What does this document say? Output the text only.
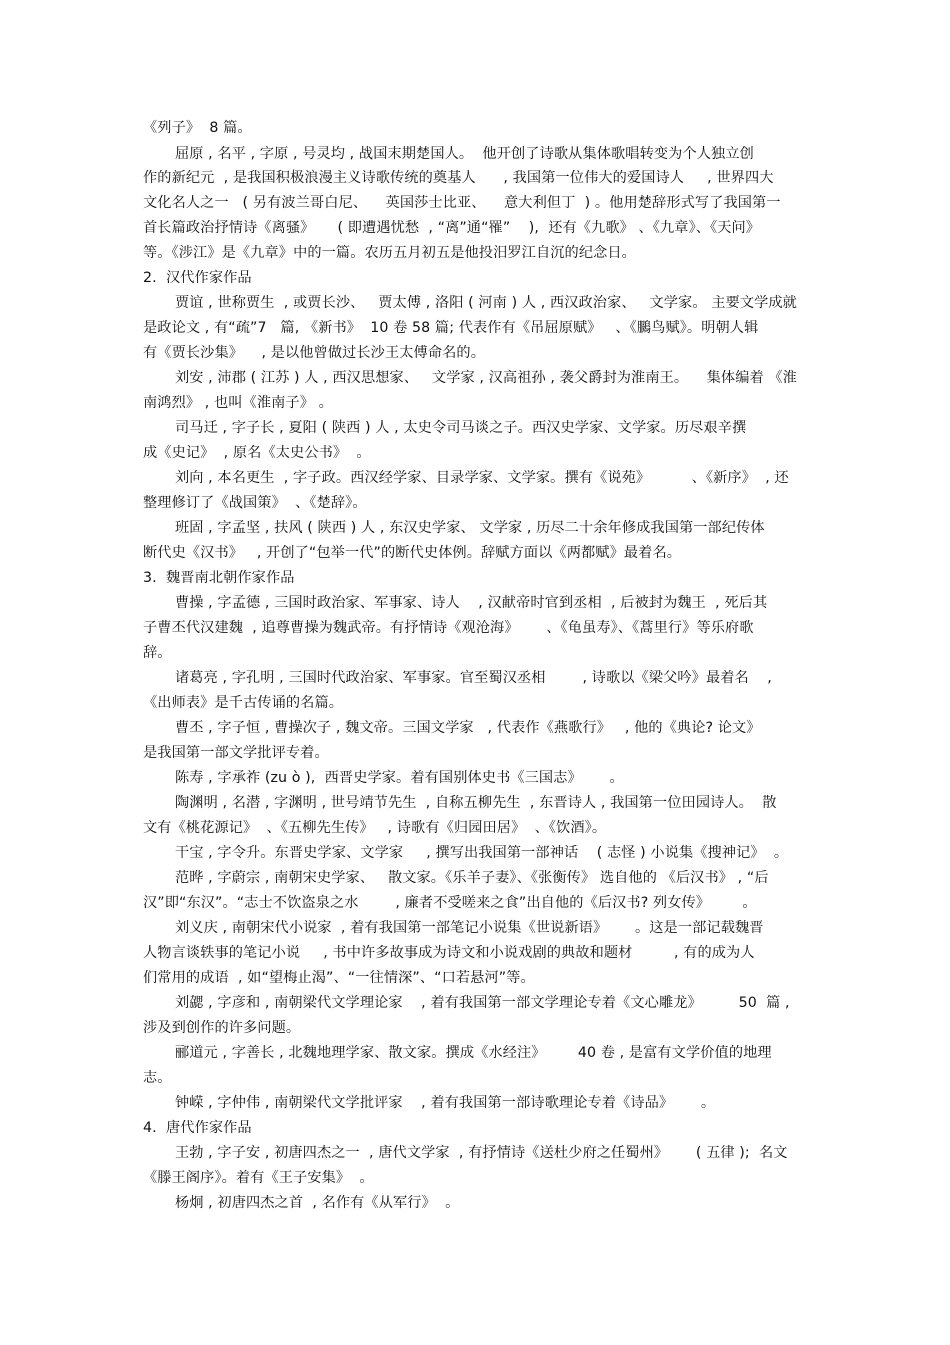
《列子》  8 篇。
屈原 , 名平 , 字原 , 号灵均 , 战国末期楚国人。  他开创了诗歌从集体歌唱转变为个人独立创
作的新纪元  , 是我国积极浪漫主义诗歌传统的奠基人      , 我国第一位伟大的爱国诗人     , 世界四大
文化名人之一   ( 另有波兰哥白尼、    英国莎士比亚、    意大利但丁  ) 。他用楚辞形式写了我国第一
首长篇政治抒情诗《离骚》     ( 即遭遇忧愁  , “离”通“罹”    ),  还有《九歌》 、《九章》、《天问》
等。《涉江》是《九章》中的一篇。农历五月初五是他投汨罗江自沉的纪念日。
2.  汉代作家作品
贾谊 , 世称贾生  , 或贾长沙、   贾太傅 , 洛阳 ( 河南 ) 人 , 西汉政治家、   文学家。 主要文学成就
是政论文 , 有“疏”7   篇, 《新书》  10 卷 58 篇; 代表作有《吊屈原赋》   、《鵩鸟赋》。明朝人辑
有《贾长沙集》    , 是以他曾做过长沙王太傅命名的。
刘安 , 沛郡 ( 江苏 ) 人 , 西汉思想家、   文学家 , 汉高祖孙 , 袭父爵封为淮南王。    集体编着 《淮
南鸿烈》 , 也叫《淮南子》 。
司马迁 , 字子长 , 夏阳 ( 陕西 ) 人 , 太史令司马谈之子。西汉史学家、文学家。历尽艰辛撰
成《史记》  , 原名《太史公书》  。
刘向 , 本名更生  , 字子政。西汉经学家、目录学家、文学家。撰有《说苑》         、《新序》  , 还
整理修订了《战国策》  、《楚辞》。
班固 , 字孟坚 , 扶风 ( 陕西 ) 人 , 东汉史学家、 文学家 , 历尽二十余年修成我国第一部纪传体
断代史《汉书》   , 开创了“包举一代”的断代史体例。辞赋方面以《两都赋》最着名。
3.  魏晋南北朝作家作品
曹操 , 字孟德 , 三国时政治家、军事家、诗人    , 汉献帝时官到丞相  , 后被封为魏王  , 死后其
子曹丕代汉建魏  , 追尊曹操为魏武帝。有抒情诗《观沧海》      、《龟虽寿》、《蒿里行》等乐府歌
辞。
诸葛亮 , 字孔明 , 三国时代政治家、军事家。官至蜀汉丞相        , 诗歌以《梁父吟》最着名    ,
《出师表》是千古传诵的名篇。
曹丕 , 字子恒 , 曹操次子 , 魏文帝。三国文学家   , 代表作《燕歌行》   , 他的《典论? 论文》
是我国第一部文学批评专着。
陈寿 , 字承祚 (zu ò ),  西晋史学家。着有国别体史书《三国志》      。
陶渊明 , 名潜 , 字渊明 , 世号靖节先生  , 自称五柳先生  , 东晋诗人 , 我国第一位田园诗人。  散
文有《桃花源记》  、《五柳先生传》   , 诗歌有《归园田居》  、《饮酒》。
干宝 , 字令升。东晋史学家、文学家     , 撰写出我国第一部神话    ( 志怪 ) 小说集《搜神记》  。
范晔 , 字蔚宗 , 南朝宋史学家、   散文家。《乐羊子妻》、《张衡传》 选自他的 《后汉书》 , “后
汉”即“东汉”。“志士不饮盗泉之水        , 廉者不受嗟来之食”出自他的《后汉书? 列女传》       。
刘义庆 , 南朝宋代小说家  , 着有我国第一部笔记小说集《世说新语》      。这是一部记载魏晋
人物言谈轶事的笔记小说     , 书中许多故事成为诗文和小说戏剧的典故和题材         , 有的成为人
们常用的成语  , 如“望梅止渴”、“一往情深”、“口若悬河”等。
刘勰 , 字彦和 , 南朝梁代文学理论家    , 着有我国第一部文学理论专着《文心雕龙》        50  篇 ,
涉及到创作的许多问题。
郦道元 , 字善长 , 北魏地理学家、散文家。撰成《水经注》       40 卷 , 是富有文学价值的地理
志。
钟嵘 , 字仲伟 , 南朝梁代文学批评家    , 着有我国第一部诗歌理论专着《诗品》      。
4.  唐代作家作品
王勃 , 字子安 , 初唐四杰之一  , 唐代文学家  , 有抒情诗《送杜少府之任蜀州》      ( 五律 );  名文
《滕王阁序》。着有《王子安集》  。
杨炯 , 初唐四杰之首  , 名作有《从军行》  。
